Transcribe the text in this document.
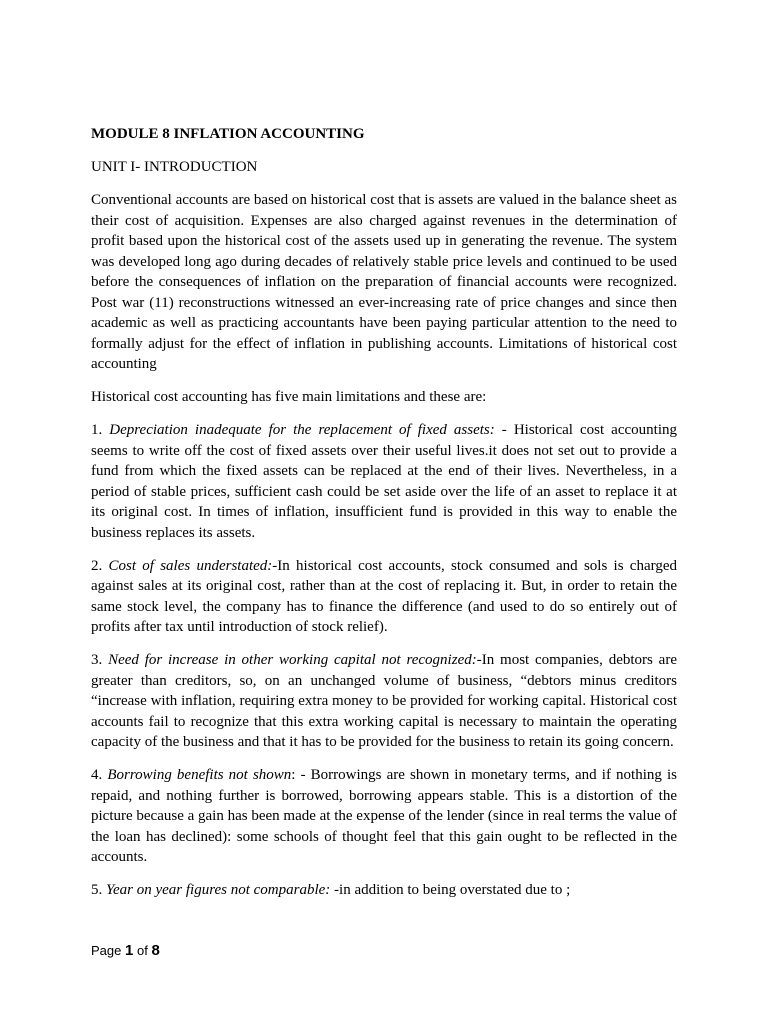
MODULE 8 INFLATION ACCOUNTING
UNIT I- INTRODUCTION

Conventional accounts are based on historical cost that is assets are valued in the balance sheet as their cost of acquisition. Expenses are also charged against revenues in the determination of profit based upon the historical cost of the assets used up in generating the revenue. The system was developed long ago during decades of relatively stable price levels and continued to be used before the consequences of inflation on the preparation of financial accounts were recognized. Post war (11) reconstructions witnessed an ever-increasing rate of price changes and since then academic as well as practicing accountants have been paying particular attention to the need to formally adjust for the effect of inflation in publishing accounts. Limitations of historical cost accounting

Historical cost accounting has five main limitations and these are:

1. Depreciation inadequate for the replacement of fixed assets: - Historical cost accounting seems to write off the cost of fixed assets over their useful lives.it does not set out to provide a fund from which the fixed assets can be replaced at the end of their lives. Nevertheless, in a period of stable prices, sufficient cash could be set aside over the life of an asset to replace it at its original cost. In times of inflation, insufficient fund is provided in this way to enable the business replaces its assets.

2. Cost of sales understated:-In historical cost accounts, stock consumed and sols is charged against sales at its original cost, rather than at the cost of replacing it. But, in order to retain the same stock level, the company has to finance the difference (and used to do so entirely out of profits after tax until introduction of stock relief).

3. Need for increase in other working capital not recognized:-In most companies, debtors are greater than creditors, so, on an unchanged volume of business, “debtors minus creditors “increase with inflation, requiring extra money to be provided for working capital. Historical cost accounts fail to recognize that this extra working capital is necessary to maintain the operating capacity of the business and that it has to be provided for the business to retain its going concern.

4. Borrowing benefits not shown: - Borrowings are shown in monetary terms, and if nothing is repaid, and nothing further is borrowed, borrowing appears stable. This is a distortion of the picture because a gain has been made at the expense of the lender (since in real terms the value of the loan has declined): some schools of thought feel that this gain ought to be reflected in the accounts.

5. Year on year figures not comparable: -in addition to being overstated due to ;

Page 1 of 8
